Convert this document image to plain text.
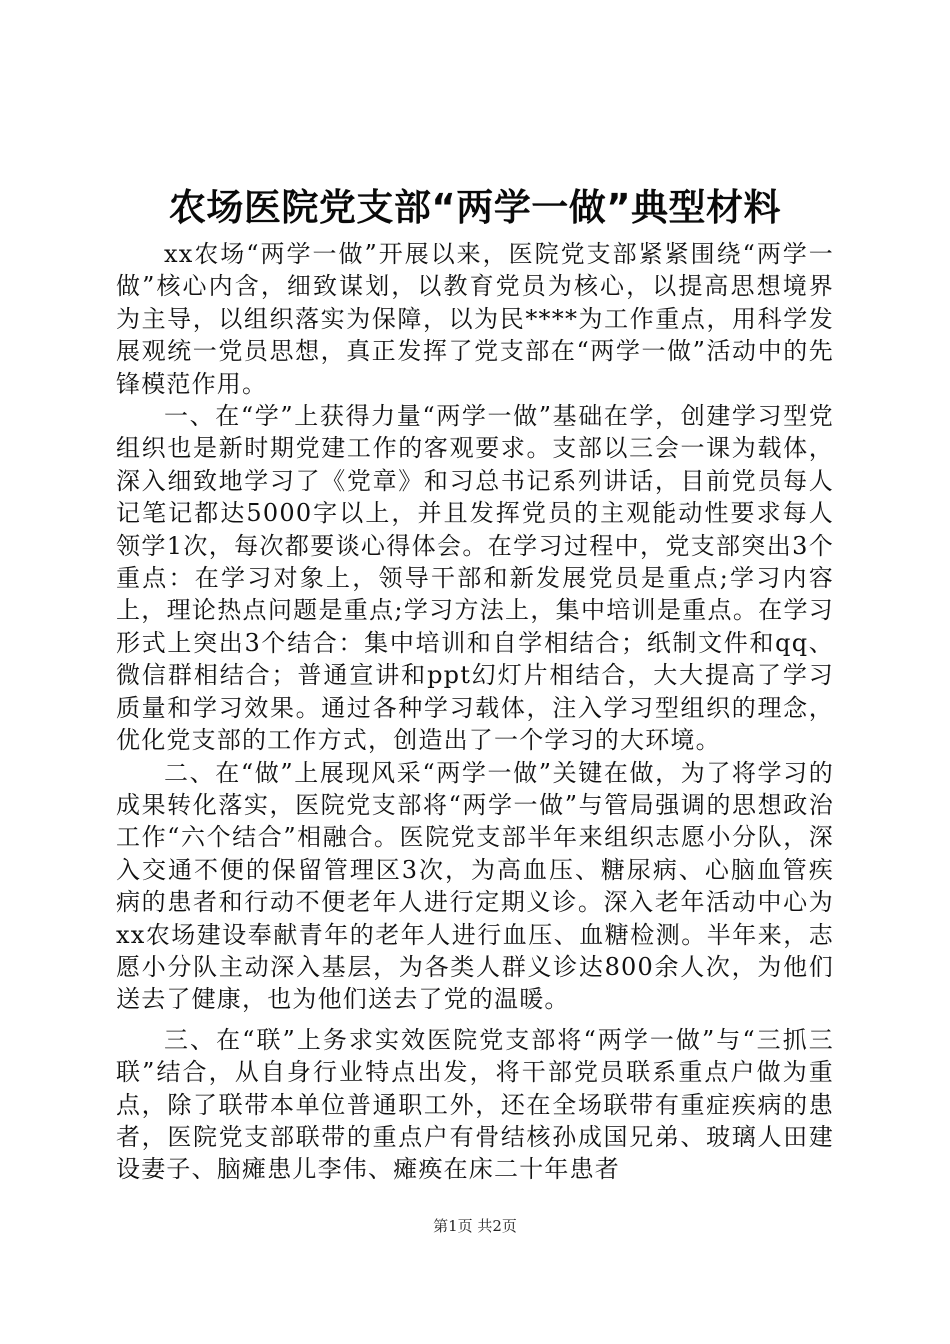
农场医院党支部“两学一做”典型材料

xx农场“两学一做”开展以来，医院党支部紧紧围绕“两学一做”核心内含，细致谋划，以教育党员为核心，以提高思想境界为主导，以组织落实为保障，以为民****为工作重点，用科学发展观统一党员思想，真正发挥了党支部在“两学一做”活动中的先锋模范作用。

一、在“学”上获得力量“两学一做”基础在学，创建学习型党组织也是新时期党建工作的客观要求。支部以三会一课为载体，深入细致地学习了《党章》和习总书记系列讲话，目前党员每人记笔记都达5000字以上，并且发挥党员的主观能动性要求每人领学1次，每次都要谈心得体会。在学习过程中，党支部突出3个重点：在学习对象上，领导干部和新发展党员是重点;学习内容上，理论热点问题是重点;学习方法上，集中培训是重点。在学习形式上突出3个结合：集中培训和自学相结合；纸制文件和qq、微信群相结合；普通宣讲和ppt幻灯片相结合，大大提高了学习质量和学习效果。通过各种学习载体，注入学习型组织的理念，优化党支部的工作方式，创造出了一个学习的大环境。

二、在“做”上展现风采“两学一做”关键在做，为了将学习的成果转化落实，医院党支部将“两学一做”与管局强调的思想政治工作“六个结合”相融合。医院党支部半年来组织志愿小分队，深入交通不便的保留管理区3次，为高血压、糖尿病、心脑血管疾病的患者和行动不便老年人进行定期义诊。深入老年活动中心为xx农场建设奉献青年的老年人进行血压、血糖检测。半年来，志愿小分队主动深入基层，为各类人群义诊达800余人次，为他们送去了健康，也为他们送去了党的温暖。

三、在“联”上务求实效医院党支部将“两学一做”与“三抓三联”结合，从自身行业特点出发，将干部党员联系重点户做为重点，除了联带本单位普通职工外，还在全场联带有重症疾病的患者，医院党支部联带的重点户有骨结核孙成国兄弟、玻璃人田建设妻子、脑瘫患儿李伟、瘫痪在床二十年患者

第1页 共2页
